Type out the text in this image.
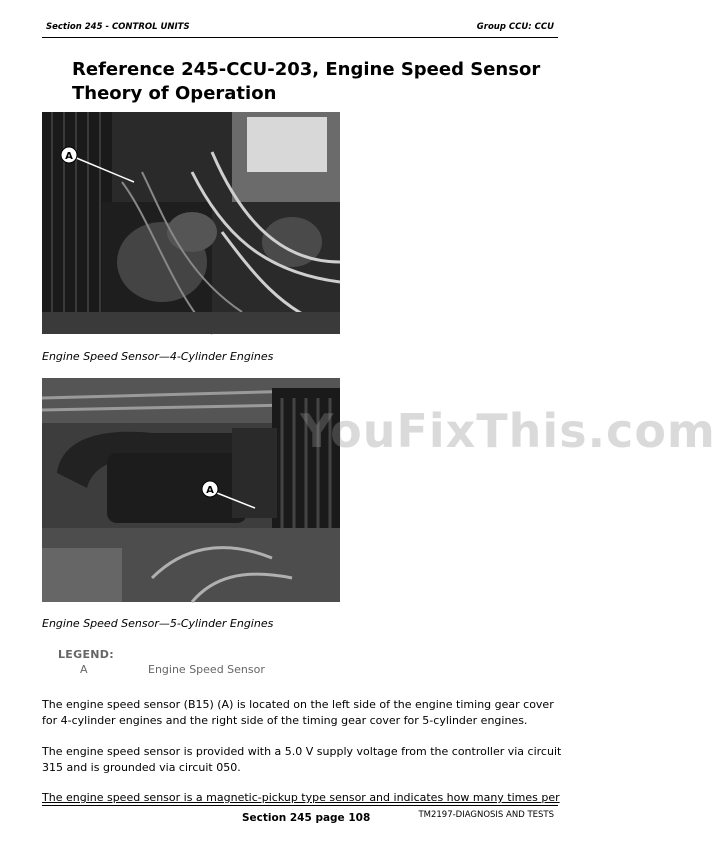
Section 245 - CONTROL UNITS	Group CCU: CCU
Reference 245-CCU-203, Engine Speed Sensor Theory of Operation
A
Engine Speed Sensor—4-Cylinder Engines
A
Engine Speed Sensor—5-Cylinder Engines
YouFixThis.com
LEGEND:
A	Engine Speed Sensor

The engine speed sensor (B15) (A) is located on the left side of the engine timing gear cover for 4-cylinder engines and the right side of the timing gear cover for 5-cylinder engines.

The engine speed sensor is provided with a 5.0 V supply voltage from the controller via circuit 315 and is grounded via circuit 050.

The engine speed sensor is a magnetic-pickup type sensor and indicates how many times per

Section 245 page 108	TM2197-DIAGNOSIS AND TESTS
